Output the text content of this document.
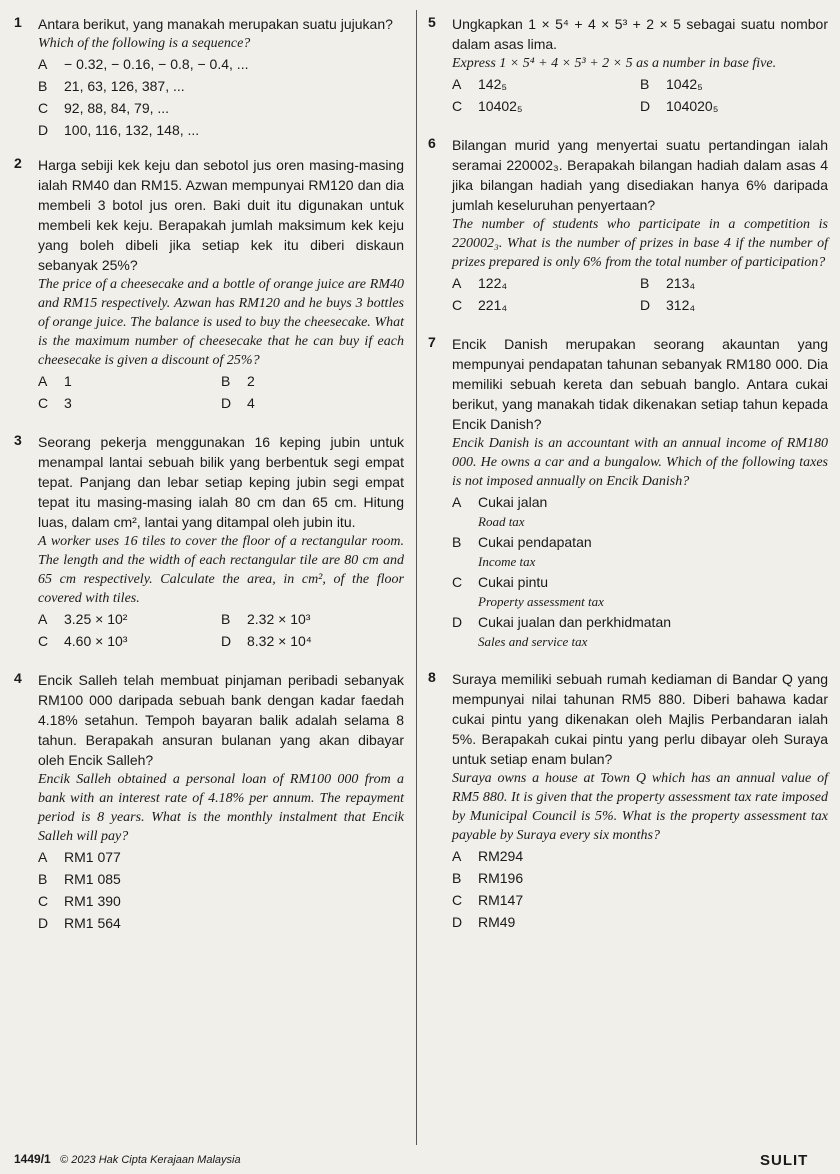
1 Antara berikut, yang manakah merupakan suatu jujukan?

Which of the following is a sequence?

A − 0.32, − 0.16, − 0.8, − 0.4, ...
B 21, 63, 126, 387, ...
C 92, 88, 84, 79, ...
D 100, 116, 132, 148, ...
2 Harga sebiji kek keju dan sebotol jus oren masing-masing ialah RM40 dan RM15. Azwan mempunyai RM120 dan dia membeli 3 botol jus oren. Baki duit itu digunakan untuk membeli kek keju. Berapakah jumlah maksimum kek keju yang boleh dibeli jika setiap kek itu diberi diskaun sebanyak 25%?

The price of a cheesecake and a bottle of orange juice are RM40 and RM15 respectively. Azwan has RM120 and he buys 3 bottles of orange juice. The balance is used to buy the cheesecake. What is the maximum number of cheesecake that he can buy if each cheesecake is given a discount of 25%?

A 1	B 2
C 3	D 4
3 Seorang pekerja menggunakan 16 keping jubin untuk menampal lantai sebuah bilik yang berbentuk segi empat tepat. Panjang dan lebar setiap keping jubin segi empat tepat itu masing-masing ialah 80 cm dan 65 cm. Hitung luas, dalam cm², lantai yang ditampal oleh jubin itu.

A worker uses 16 tiles to cover the floor of a rectangular room. The length and the width of each rectangular tile are 80 cm and 65 cm respectively. Calculate the area, in cm², of the floor covered with tiles.

A 3.25 × 10²	B 2.32 × 10³
C 4.60 × 10³	D 8.32 × 10⁴
4 Encik Salleh telah membuat pinjaman peribadi sebanyak RM100 000 daripada sebuah bank dengan kadar faedah 4.18% setahun. Tempoh bayaran balik adalah selama 8 tahun. Berapakah ansuran bulanan yang akan dibayar oleh Encik Salleh?

Encik Salleh obtained a personal loan of RM100 000 from a bank with an interest rate of 4.18% per annum. The repayment period is 8 years. What is the monthly instalment that Encik Salleh will pay?

A RM1 077
B RM1 085
C RM1 390
D RM1 564
5 Ungkapkan 1 × 5⁴ + 4 × 5³ + 2 × 5 sebagai suatu nombor dalam asas lima.

Express 1 × 5⁴ + 4 × 5³ + 2 × 5 as a number in base five.

A 142₅	B 1042₅
C 10402₅	D 104020₅
6 Bilangan murid yang menyertai suatu pertandingan ialah seramai 220002₃. Berapakah bilangan hadiah dalam asas 4 jika bilangan hadiah yang disediakan hanya 6% daripada jumlah keseluruhan penyertaan?

The number of students who participate in a competition is 220002₃. What is the number of prizes in base 4 if the number of prizes prepared is only 6% from the total number of participation?

A 122₄	B 213₄
C 221₄	D 312₄
7 Encik Danish merupakan seorang akauntan yang mempunyai pendapatan tahunan sebanyak RM180 000. Dia memiliki sebuah kereta dan sebuah banglo. Antara cukai berikut, yang manakah tidak dikenakan setiap tahun kepada Encik Danish?

Encik Danish is an accountant with an annual income of RM180 000. He owns a car and a bungalow. Which of the following taxes is not imposed annually on Encik Danish?

A Cukai jalan
Road tax
B Cukai pendapatan
Income tax
C Cukai pintu
Property assessment tax
D Cukai jualan dan perkhidmatan
Sales and service tax
8 Suraya memiliki sebuah rumah kediaman di Bandar Q yang mempunyai nilai tahunan RM5 880. Diberi bahawa kadar cukai pintu yang dikenakan oleh Majlis Perbandaran ialah 5%. Berapakah cukai pintu yang perlu dibayar oleh Suraya untuk setiap enam bulan?

Suraya owns a house at Town Q which has an annual value of RM5 880. It is given that the property assessment tax rate imposed by Municipal Council is 5%. What is the property assessment tax payable by Suraya every six months?

A RM294
B RM196
C RM147
D RM49
1449/1 © 2023 Hak Cipta Kerajaan Malaysia	SULIT
